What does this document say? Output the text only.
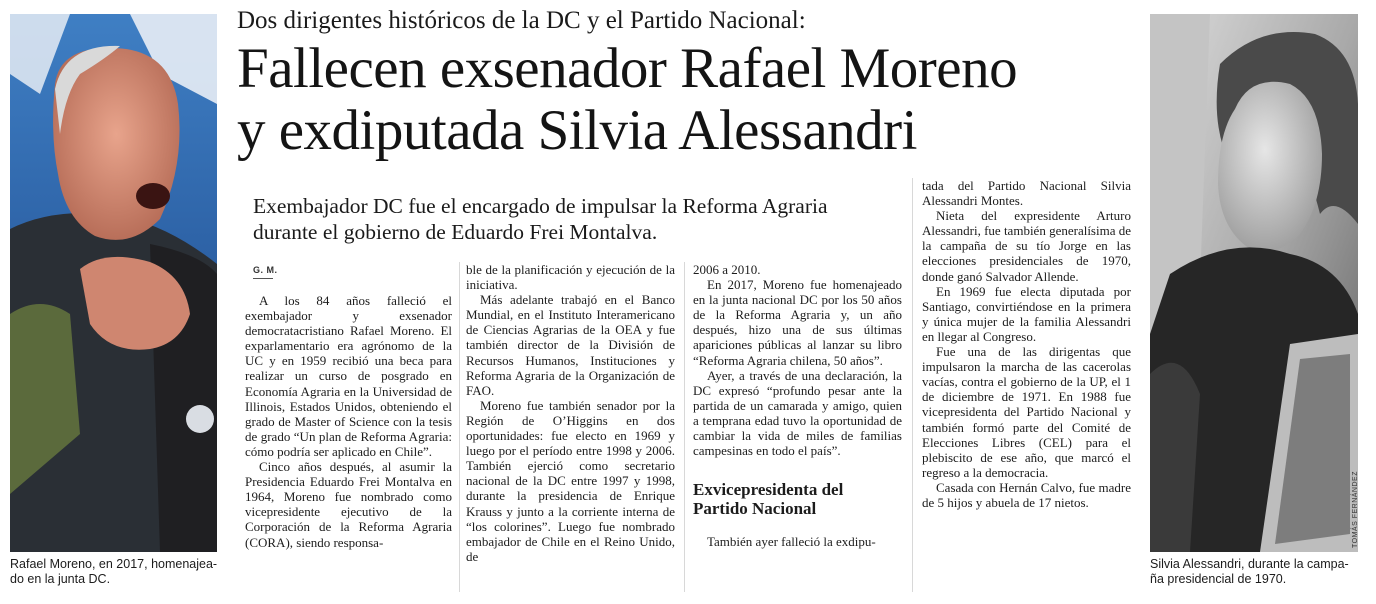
Rafael Moreno, en 2017, homenajea- do en la junta DC.
Dos dirigentes históricos de la DC y el Partido Nacional:
Fallecen exsenador Rafael Moreno
y exdiputada Silvia Alessandri
Exembajador DC fue el encargado de impulsar la Reforma Agraria durante el gobierno de Eduardo Frei Montalva.
G. M.

A los 84 años falleció el exembajador y exsenador democratacristiano Rafael Moreno. El exparlamentario era agrónomo de la UC y en 1959 recibió una beca para realizar un curso de posgrado en Economía Agraria en la Universidad de Illinois, Estados Unidos, obteniendo el grado de Master of Science con la tesis de grado “Un plan de Reforma Agraria: cómo podría ser aplicado en Chile”.

Cinco años después, al asumir la Presidencia Eduardo Frei Montalva en 1964, Moreno fue nombrado como vicepresidente ejecutivo de la Corporación de la Reforma Agraria (CORA), siendo responsa-

ble de la planificación y ejecución de la iniciativa.

Más adelante trabajó en el Banco Mundial, en el Instituto Interamericano de Ciencias Agrarias de la OEA y fue también director de la División de Recursos Humanos, Instituciones y Reforma Agraria de la Organización de FAO.

Moreno fue también senador por la Región de O’Higgins en dos oportunidades: fue electo en 1969 y luego por el período entre 1998 y 2006. También ejerció como secretario nacional de la DC entre 1997 y 1998, durante la presidencia de Enrique Krauss y junto a la corriente interna de “los colorines”. Luego fue nombrado embajador de Chile en el Reino Unido, de

2006 a 2010.

En 2017, Moreno fue homenajeado en la junta nacional DC por los 50 años de la Reforma Agraria y, un año después, hizo una de sus últimas apariciones públicas al lanzar su libro “Reforma Agraria chilena, 50 años”.

Ayer, a través de una declaración, la DC expresó “profundo pesar ante la partida de un camarada y amigo, quien a temprana edad tuvo la oportunidad de cambiar la vida de miles de familias campesinas en todo el país”.

Exvicepresidenta del Partido Nacional

También ayer falleció la exdipu-

tada del Partido Nacional Silvia Alessandri Montes.

Nieta del expresidente Arturo Alessandri, fue también generalísima de la campaña de su tío Jorge en las elecciones presidenciales de 1970, donde ganó Salvador Allende.

En 1969 fue electa diputada por Santiago, convirtiéndose en la primera y única mujer de la familia Alessandri en llegar al Congreso.

Fue una de las dirigentas que impulsaron la marcha de las cacerolas vacías, contra el gobierno de la UP, el 1 de diciembre de 1971. En 1988 fue vicepresidenta del Partido Nacional y también formó parte del Comité de Elecciones Libres (CEL) para el plebiscito de ese año, que marcó el regreso a la democracia.

Casada con Hernán Calvo, fue madre de 5 hijos y abuela de 17 nietos.

Silvia Alessandri, durante la campa- ña presidencial de 1970.
TOMÁS FERNÁNDEZ
